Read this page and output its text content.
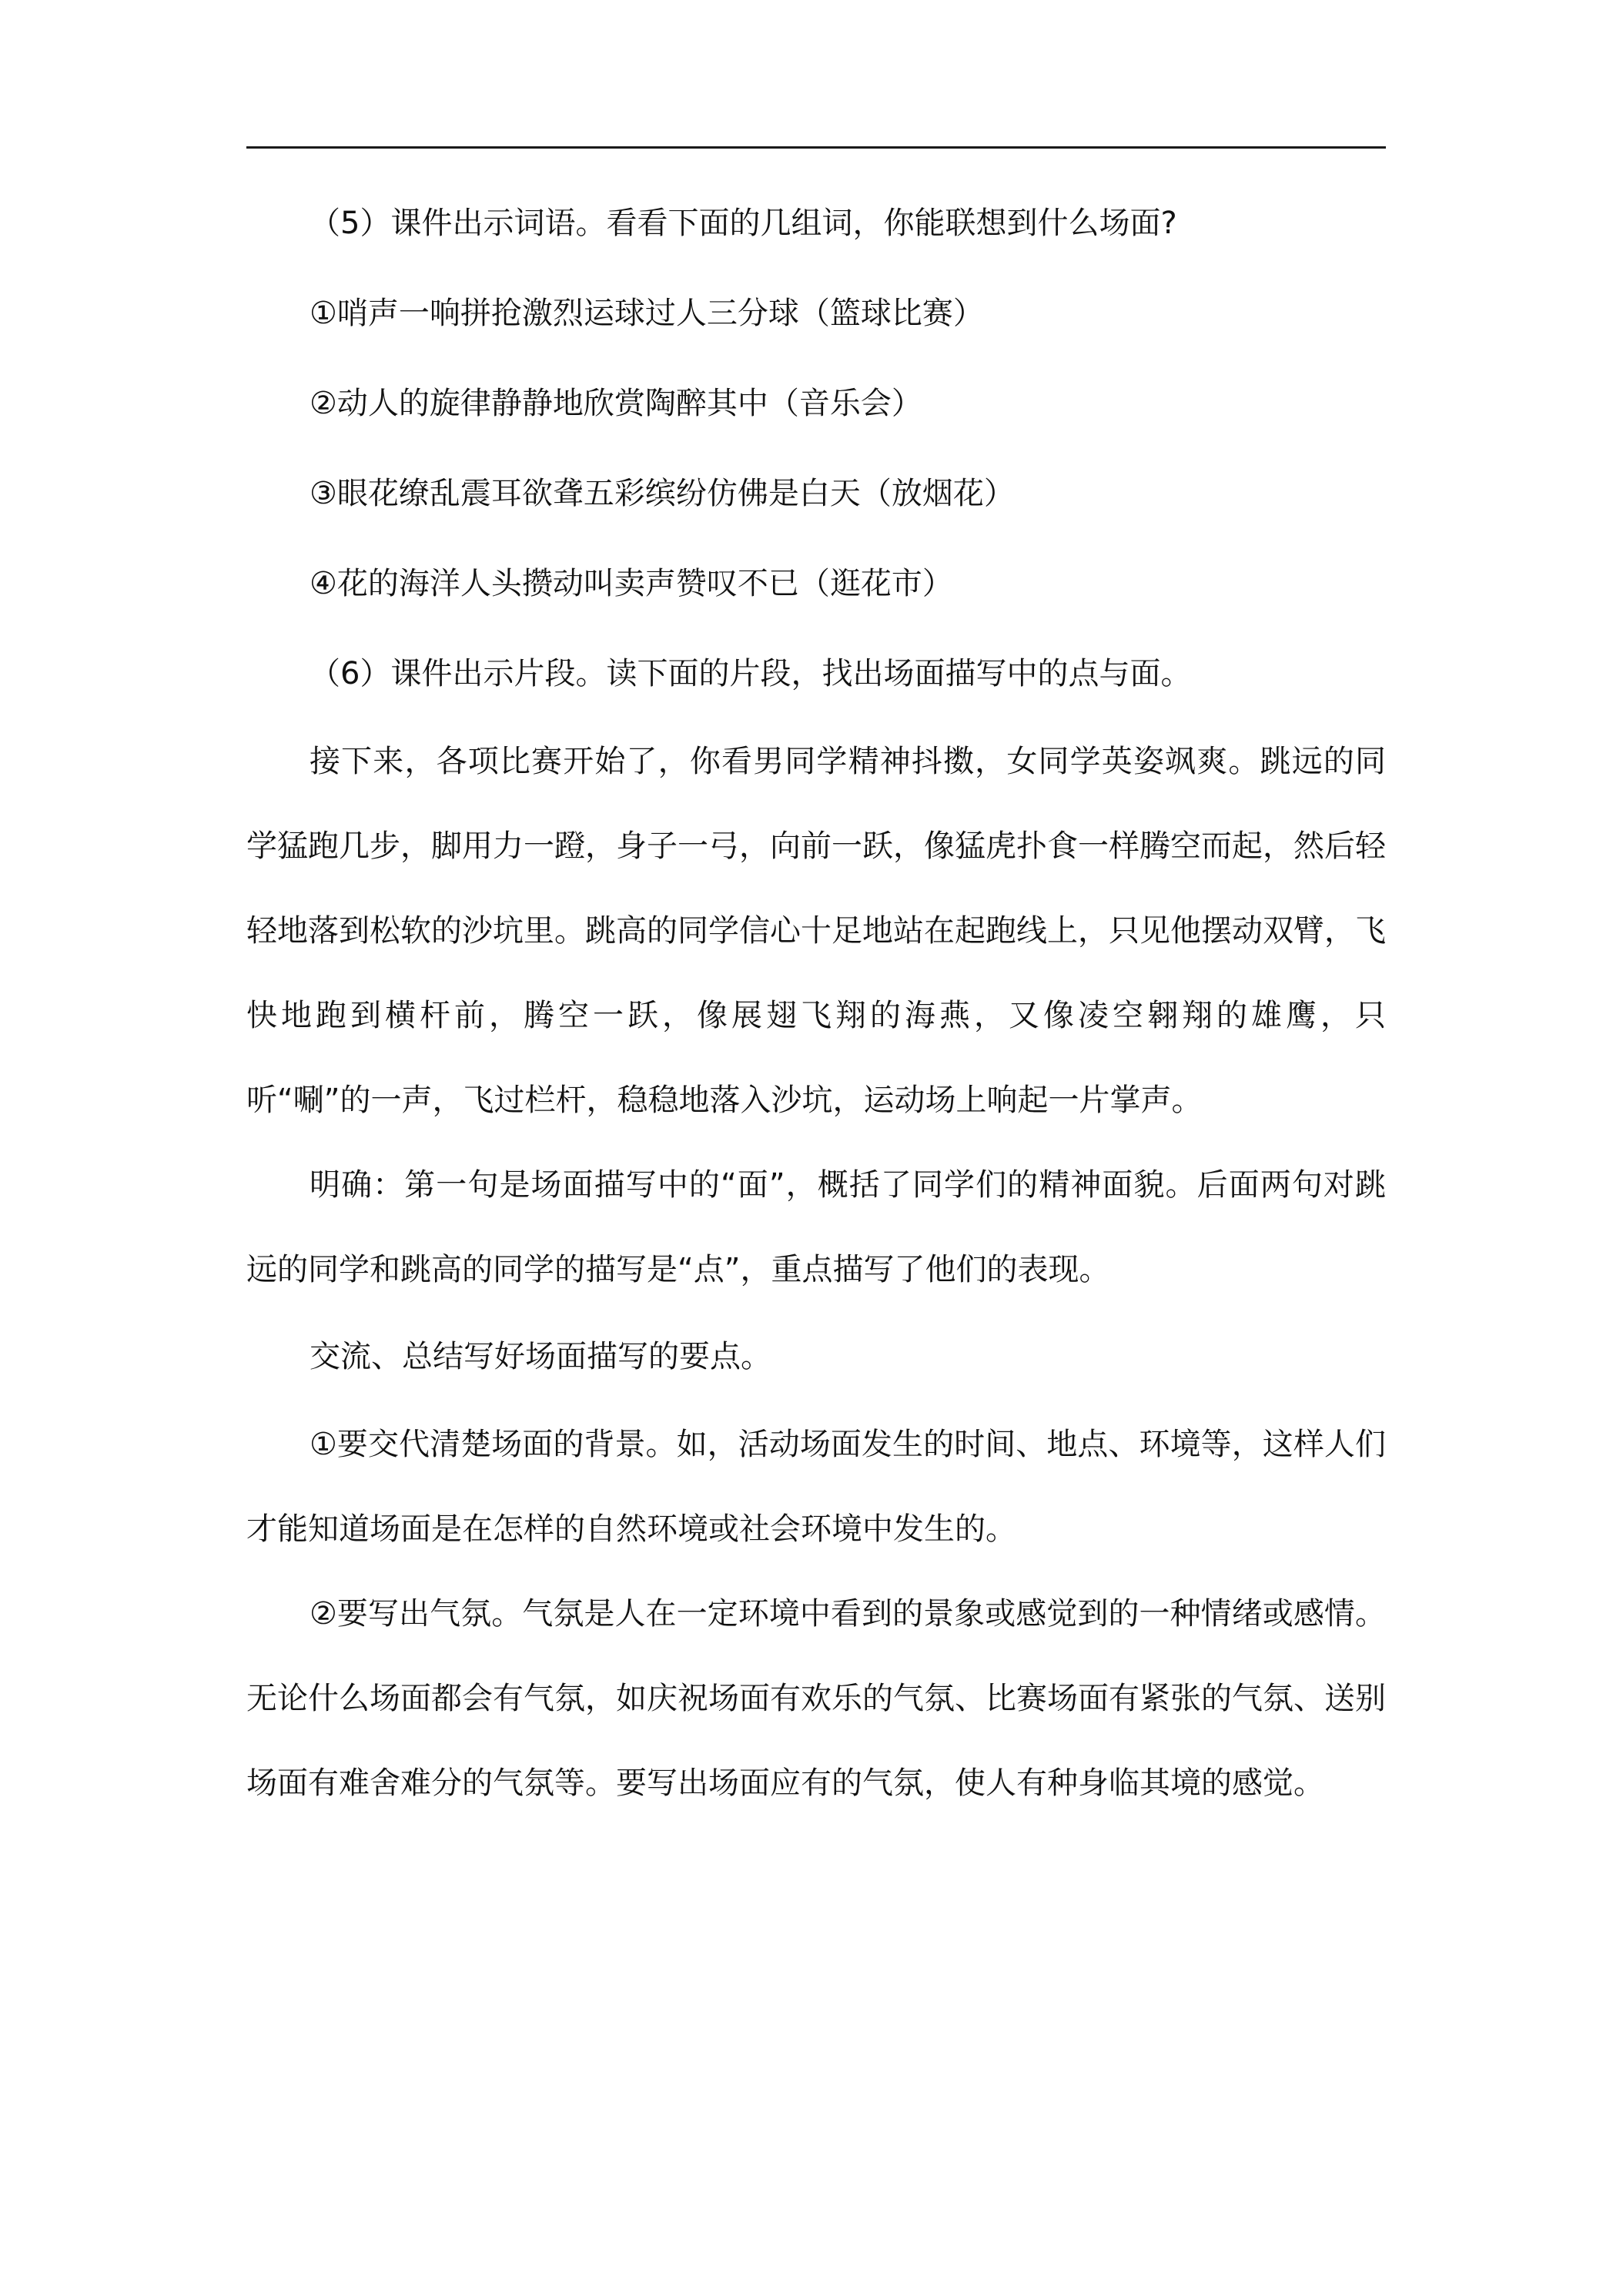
（5）课件出示词语。看看下面的几组词，你能联想到什么场面?

①哨声一响拼抢激烈运球过人三分球（篮球比赛）

②动人的旋律静静地欣赏陶醉其中（音乐会）

③眼花缭乱震耳欲聋五彩缤纷仿佛是白天（放烟花）

④花的海洋人头攒动叫卖声赞叹不已（逛花市）

（6）课件出示片段。读下面的片段，找出场面描写中的点与面。

接下来，各项比赛开始了，你看男同学精神抖擞，女同学英姿飒爽。跳远的同学猛跑几步，脚用力一蹬，身子一弓，向前一跃，像猛虎扑食一样腾空而起，然后轻轻地落到松软的沙坑里。跳高的同学信心十足地站在起跑线上，只见他摆动双臂，飞快地跑到横杆前，腾空一跃，像展翅飞翔的海燕，又像凌空翱翔的雄鹰，只听“唰”的一声，飞过栏杆，稳稳地落入沙坑，运动场上响起一片掌声。

明确：第一句是场面描写中的“面”，概括了同学们的精神面貌。后面两句对跳远的同学和跳高的同学的描写是“点”，重点描写了他们的表现。

交流、总结写好场面描写的要点。

①要交代清楚场面的背景。如，活动场面发生的时间、地点、环境等，这样人们才能知道场面是在怎样的自然环境或社会环境中发生的。

②要写出气氛。气氛是人在一定环境中看到的景象或感觉到的一种情绪或感情。无论什么场面都会有气氛，如庆祝场面有欢乐的气氛、比赛场面有紧张的气氛、送别场面有难舍难分的气氛等。要写出场面应有的气氛，使人有种身临其境的感觉。
